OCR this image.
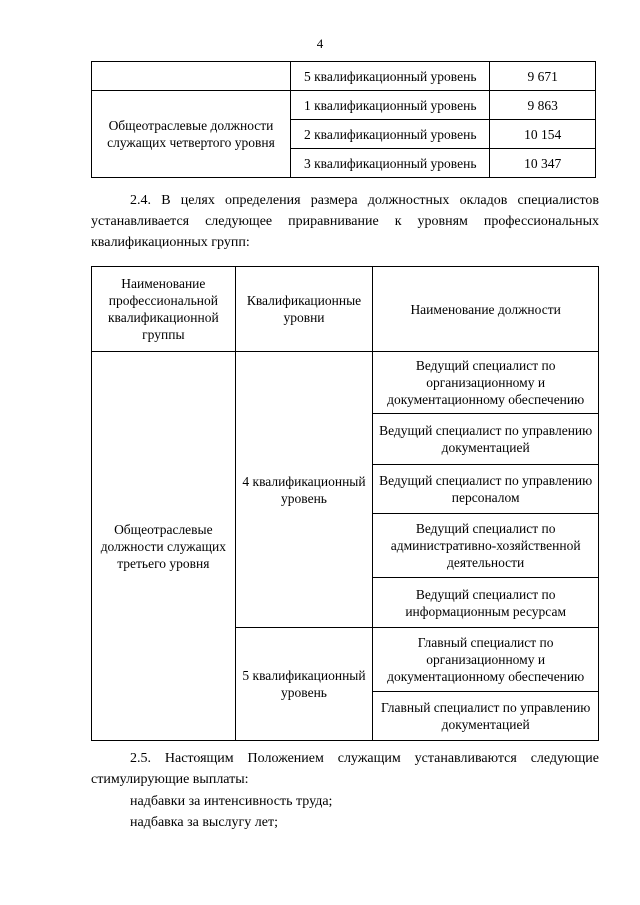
4
	5 квалификационный уровень	9 671
Общеотраслевые должности служащих четвертого уровня	1 квалификационный уровень	9 863
	2 квалификационный уровень	10 154
	3 квалификационный уровень	10 347
2.4. В целях определения размера должностных окладов специалистов устанавливается следующее приравнивание к уровням профессиональных квалификационных групп:
Наименование профессиональной квалификационной группы	Квалификационные уровни	Наименование должности
Общеотраслевые должности служащих третьего уровня	4 квалификационный уровень	Ведущий специалист по организационному и документационному обеспечению
		Ведущий специалист по управлению документацией
		Ведущий специалист по управлению персоналом
		Ведущий специалист по административно-хозяйственной деятельности
		Ведущий специалист по информационным ресурсам
	5 квалификационный уровень	Главный специалист по организационному и документационному обеспечению
		Главный специалист по управлению документацией
2.5. Настоящим Положением служащим устанавливаются следующие стимулирующие выплаты:
надбавки за интенсивность труда;
надбавка за выслугу лет;
